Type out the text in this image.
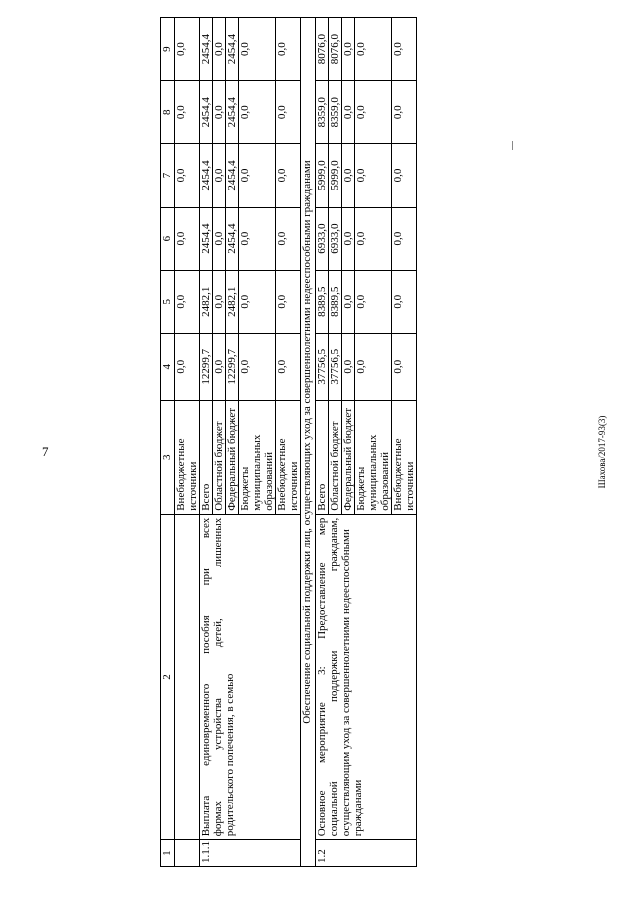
7	Шахова/2017-93(3)
1	2	3	4	5	6	7	8	9
		Внебюджетные источники	0,0	0,0	0,0	0,0	0,0	0,0
1.1.1	Выплата единовременного пособия при всех формах устройства детей, лишенных родительского попечения, в семью	Всего	12299,7	2482,1	2454,4	2454,4	2454,4	2454,4
		Областной бюджет	0,0	0,0	0,0	0,0	0,0	0,0
		Федеральный бюджет	12299,7	2482,1	2454,4	2454,4	2454,4	2454,4
		Бюджеты муниципальных образований	0,0	0,0	0,0	0,0	0,0	0,0
		Внебюджетные источники	0,0	0,0	0,0	0,0	0,0	0,0
Обеспечение социальной поддержки лиц, осуществляющих уход за совершеннолетними недееспособными гражданами								
1.2	Основное мероприятие 3: Предоставление мер социальной поддержки гражданам, осуществляющим уход за совершеннолетними недееспособными гражданами	Всего	37756,5	8389,5	6933,0	5999,0	8359,0	8076,0
		Областной бюджет	37756,5	8389,5	6933,0	5999,0	8359,0	8076,0
		Федеральный бюджет	0,0	0,0	0,0	0,0	0,0	0,0
		Бюджеты муниципальных образований	0,0	0,0	0,0	0,0	0,0	0,0
		Внебюджетные источники	0,0	0,0	0,0	0,0	0,0	0,0
